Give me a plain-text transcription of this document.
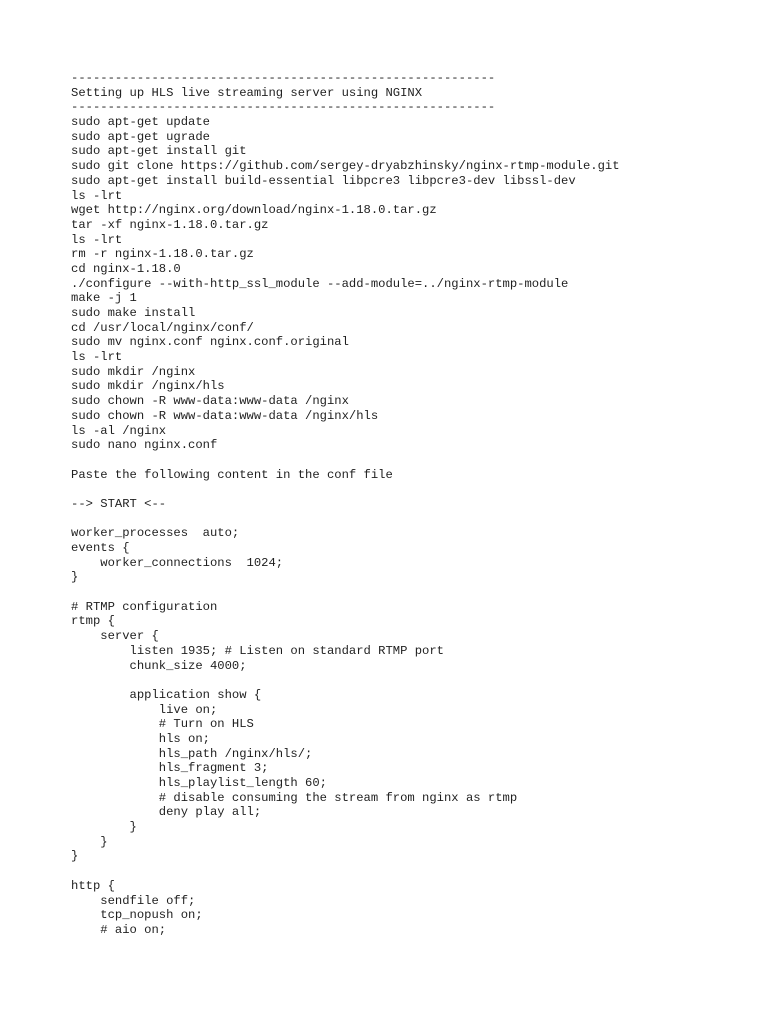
----------------------------------------------------------
Setting up HLS live streaming server using NGINX
----------------------------------------------------------
sudo apt-get update
sudo apt-get ugrade
sudo apt-get install git
sudo git clone https://github.com/sergey-dryabzhinsky/nginx-rtmp-module.git
sudo apt-get install build-essential libpcre3 libpcre3-dev libssl-dev
ls -lrt
wget http://nginx.org/download/nginx-1.18.0.tar.gz
tar -xf nginx-1.18.0.tar.gz
ls -lrt
rm -r nginx-1.18.0.tar.gz
cd nginx-1.18.0
./configure --with-http_ssl_module --add-module=../nginx-rtmp-module
make -j 1
sudo make install
cd /usr/local/nginx/conf/
sudo mv nginx.conf nginx.conf.original
ls -lrt
sudo mkdir /nginx
sudo mkdir /nginx/hls
sudo chown -R www-data:www-data /nginx
sudo chown -R www-data:www-data /nginx/hls
ls -al /nginx
sudo nano nginx.conf
Paste the following content in the conf file
--> START <--
worker_processes  auto;
events {
worker_connections  1024;
}
# RTMP configuration
rtmp {
server {
listen 1935; # Listen on standard RTMP port
chunk_size 4000;
application show {
live on;
# Turn on HLS
hls on;
hls_path /nginx/hls/;
hls_fragment 3;
hls_playlist_length 60;
# disable consuming the stream from nginx as rtmp
deny play all;
}
}
}
http {
sendfile off;
tcp_nopush on;
# aio on;
